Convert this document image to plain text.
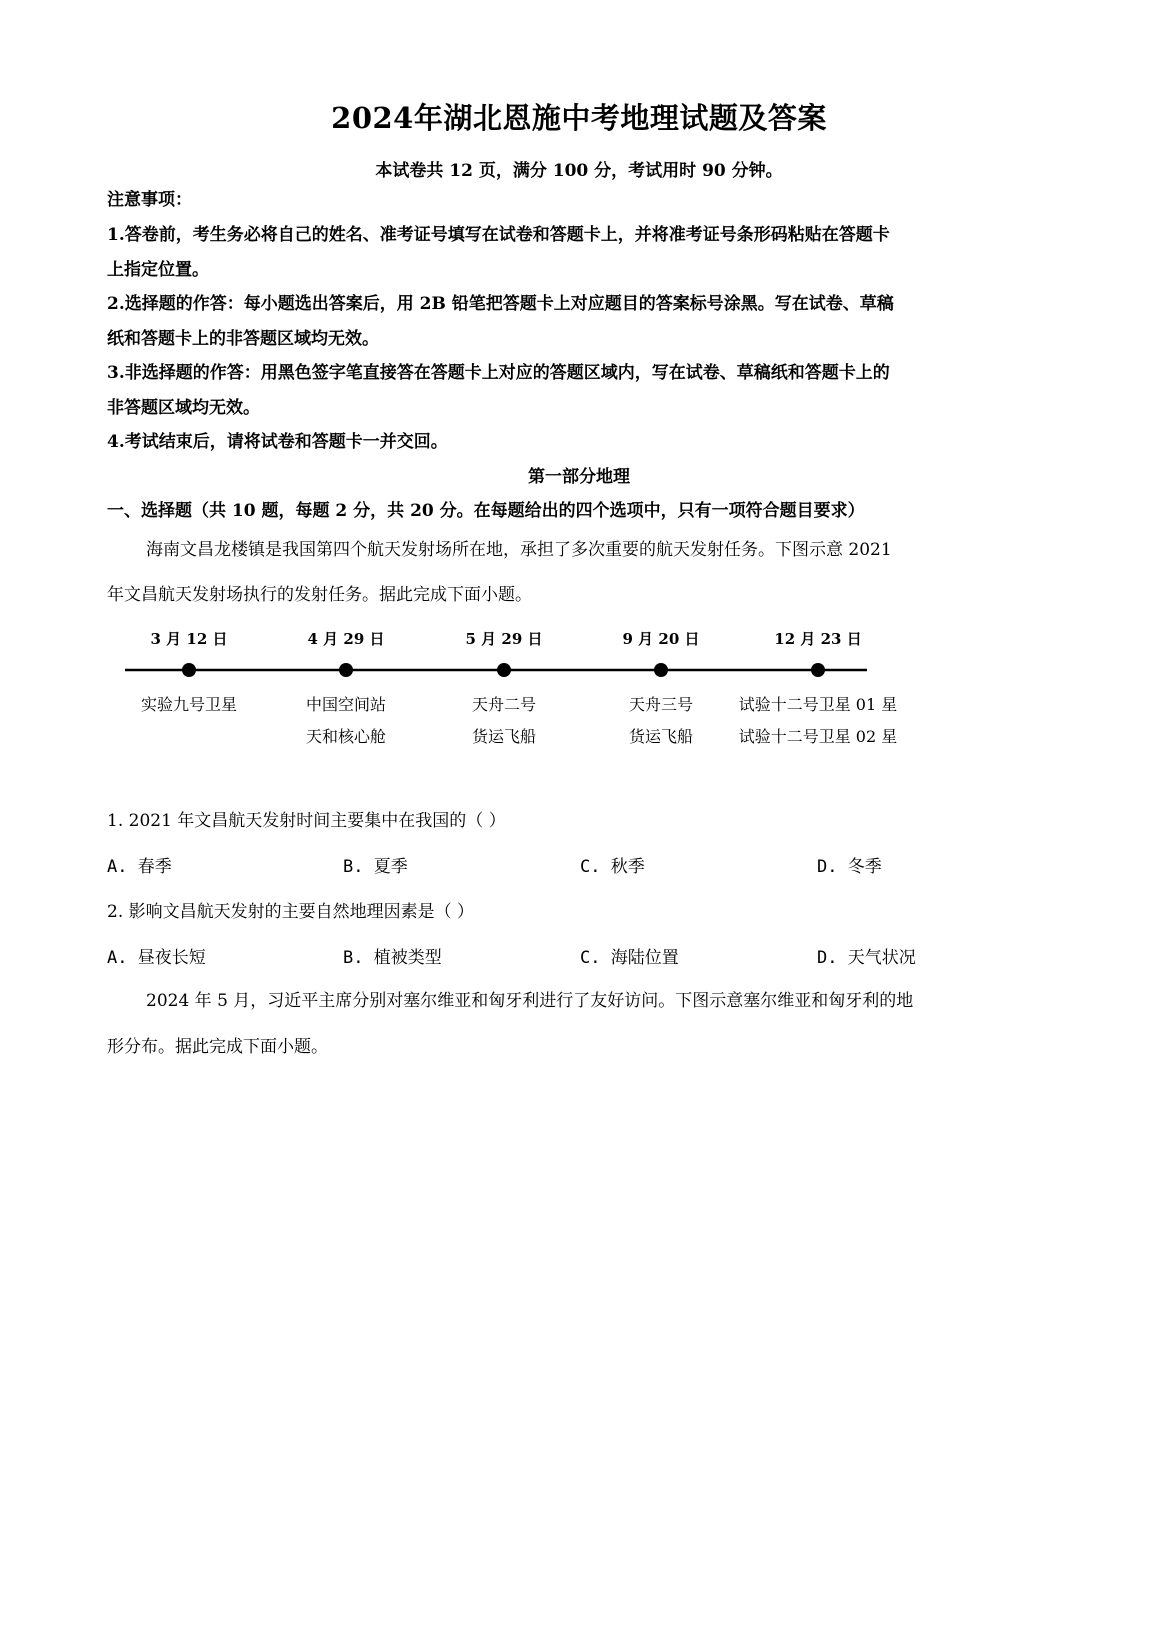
2024年湖北恩施中考地理试题及答案
本试卷共 12 页，满分 100 分，考试用时 90 分钟。
注意事项：
1.答卷前，考生务必将自己的姓名、准考证号填写在试卷和答题卡上，并将准考证号条形码粘贴在答题卡
上指定位置。
2.选择题的作答：每小题选出答案后，用 2B 铅笔把答题卡上对应题目的答案标号涂黑。写在试卷、草稿
纸和答题卡上的非答题区域均无效。
3.非选择题的作答：用黑色签字笔直接答在答题卡上对应的答题区域内，写在试卷、草稿纸和答题卡上的
非答题区域均无效。
4.考试结束后，请将试卷和答题卡一并交回。
第一部分地理
一、选择题（共 10 题，每题 2 分，共 20 分。在每题给出的四个选项中，只有一项符合题目要求）
海南文昌龙楼镇是我国第四个航天发射场所在地，承担了多次重要的航天发射任务。下图示意 2021
年文昌航天发射场执行的发射任务。据此完成下面小题。
3 月 12 日
实验九号卫星
4 月 29 日
中国空间站
天和核心舱
5 月 29 日
天舟二号
货运飞船
9 月 20 日
天舟三号
货运飞船
12 月 23 日
试验十二号卫星 01 星
试验十二号卫星 02 星
1. 2021 年文昌航天发射时间主要集中在我国的（ ）
A. 春季	B. 夏季	C. 秋季	D. 冬季
2. 影响文昌航天发射的主要自然地理因素是（ ）
A. 昼夜长短	B. 植被类型	C. 海陆位置	D. 天气状况
2024 年 5 月，习近平主席分别对塞尔维亚和匈牙利进行了友好访问。下图示意塞尔维亚和匈牙利的地
形分布。据此完成下面小题。
